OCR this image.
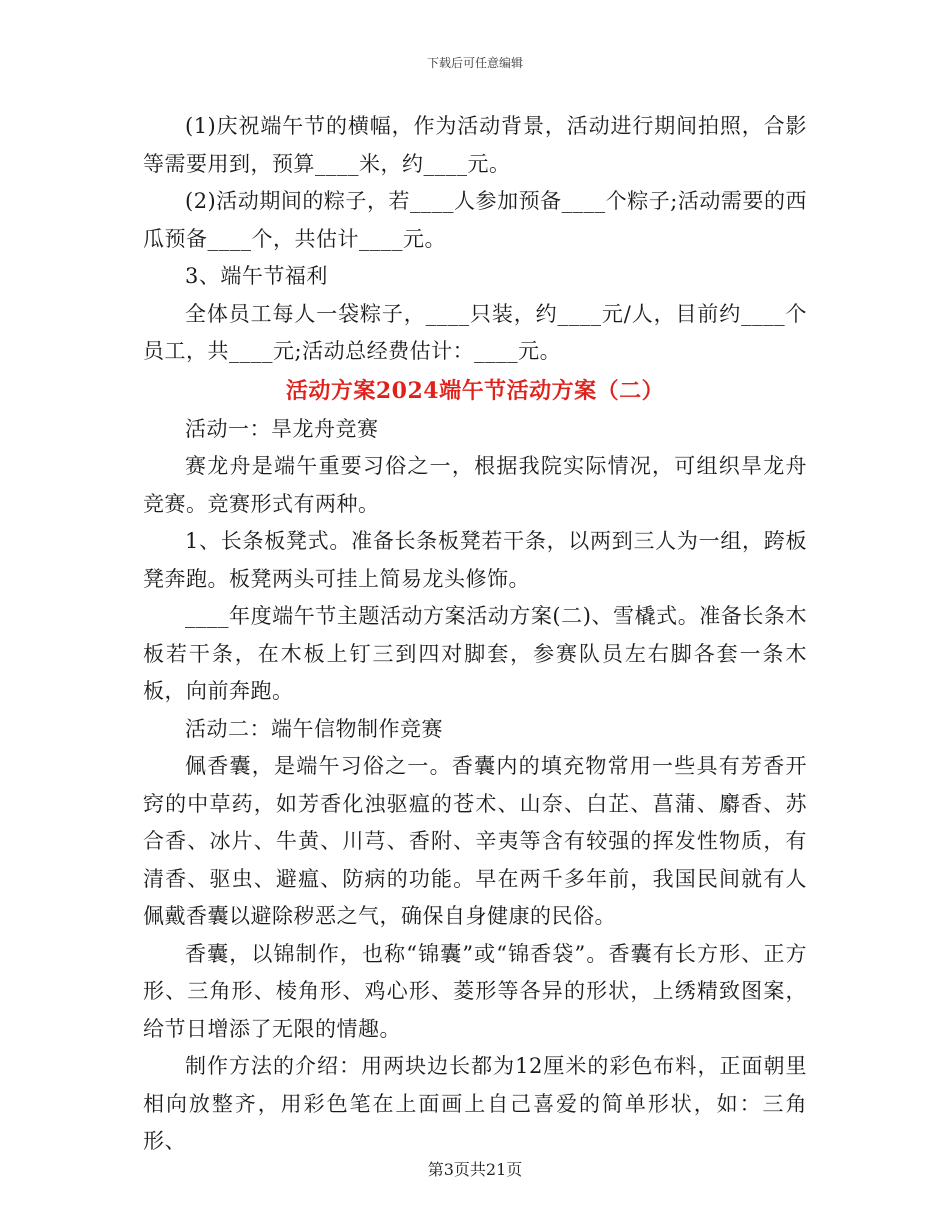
下载后可任意编辑

(1)庆祝端午节的横幅，作为活动背景，活动进行期间拍照，合影等需要用到，预算____米，约____元。

(2)活动期间的粽子，若____人参加预备____个粽子;活动需要的西瓜预备____个，共估计____元。

3、端午节福利

全体员工每人一袋粽子，____只装，约____元/人，目前约____个员工，共____元;活动总经费估计：____元。

活动方案2024端午节活动方案（二）

活动一：旱龙舟竞赛

赛龙舟是端午重要习俗之一，根据我院实际情况，可组织旱龙舟竞赛。竞赛形式有两种。

1、长条板凳式。准备长条板凳若干条，以两到三人为一组，跨板凳奔跑。板凳两头可挂上简易龙头修饰。

____年度端午节主题活动方案活动方案(二)、雪橇式。准备长条木板若干条，在木板上钉三到四对脚套，参赛队员左右脚各套一条木板，向前奔跑。

活动二：端午信物制作竞赛

佩香囊，是端午习俗之一。香囊内的填充物常用一些具有芳香开窍的中草药，如芳香化浊驱瘟的苍术、山奈、白芷、菖蒲、麝香、苏合香、冰片、牛黄、川芎、香附、辛夷等含有较强的挥发性物质，有清香、驱虫、避瘟、防病的功能。早在两千多年前，我国民间就有人佩戴香囊以避除秽恶之气，确保自身健康的民俗。

香囊，以锦制作，也称“锦囊”或“锦香袋”。香囊有长方形、正方形、三角形、棱角形、鸡心形、菱形等各异的形状，上绣精致图案，给节日增添了无限的情趣。

制作方法的介绍：用两块边长都为12厘米的彩色布料，正面朝里相向放整齐，用彩色笔在上面画上自己喜爱的简单形状，如：三角形、

第3页共21页
